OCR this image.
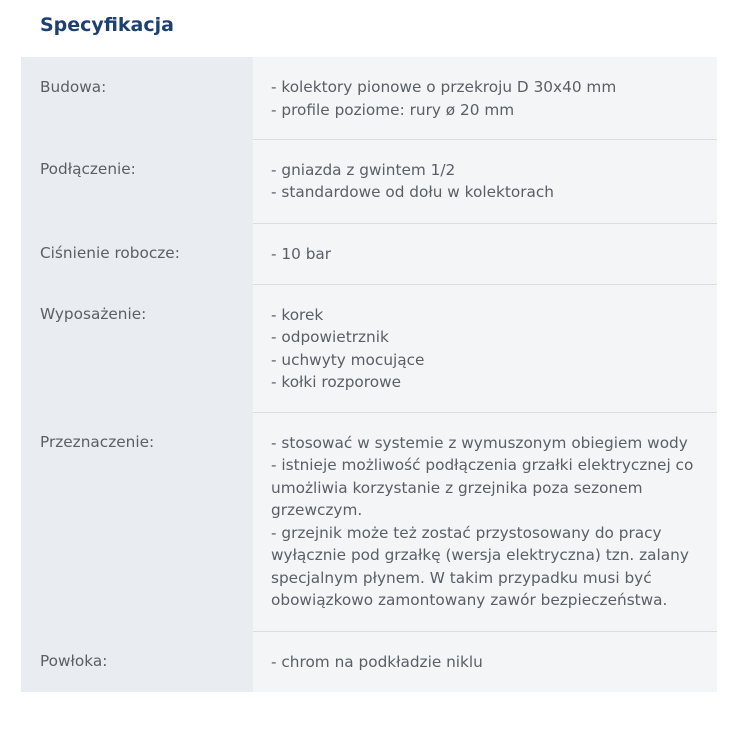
Specyfikacja
Budowa:	- kolektory pionowe o przekroju D 30x40 mm
- profile poziome: rury ø 20 mm

Podłączenie:	- gniazda z gwintem 1/2
- standardowe od dołu w kolektorach

Ciśnienie robocze:	- 10 bar

Wyposażenie:	- korek
- odpowietrznik
- uchwyty mocujące
- kołki rozporowe

Przeznaczenie:	- stosować w systemie z wymuszonym obiegiem wody
- istnieje możliwość podłączenia grzałki elektrycznej co umożliwia korzystanie z grzejnika poza sezonem grzewczym.
- grzejnik może też zostać przystosowany do pracy wyłącznie pod grzałkę (wersja elektryczna) tzn. zalany specjalnym płynem. W takim przypadku musi być obowiązkowo zamontowany zawór bezpieczeństwa.

Powłoka:	- chrom na podkładzie niklu
